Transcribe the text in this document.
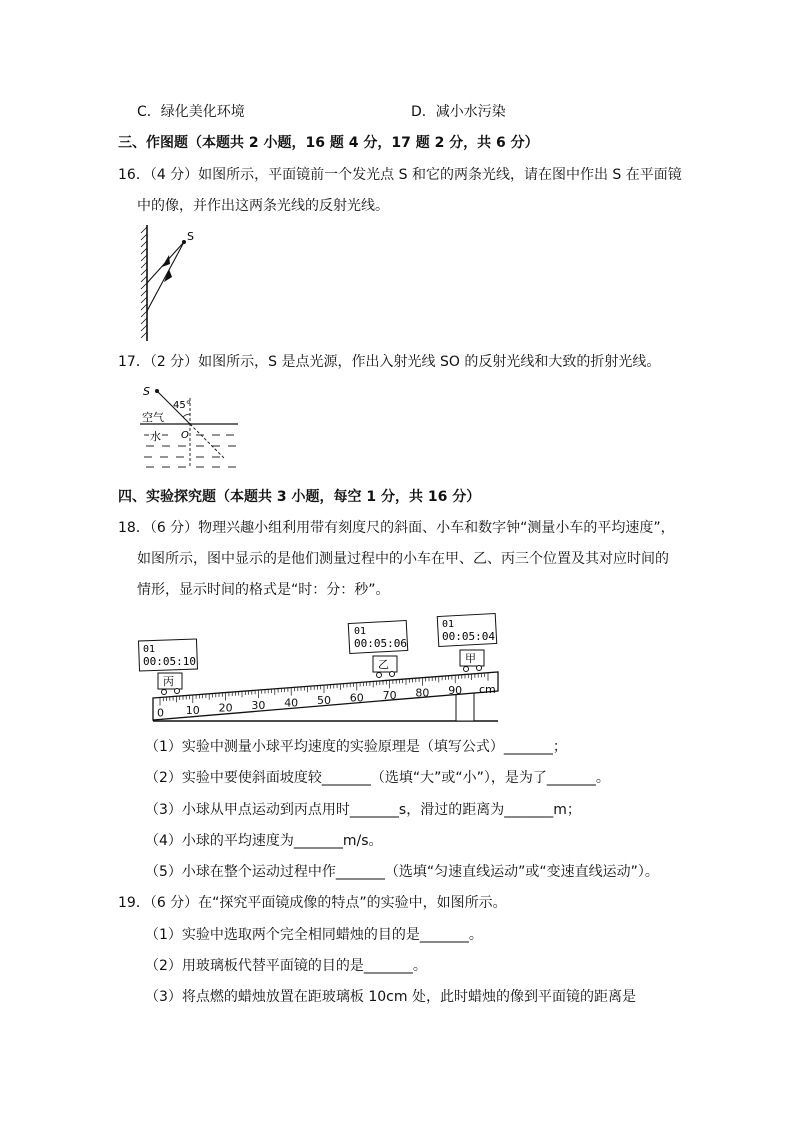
C．绿化美化环境	D．减小水污染
三、作图题（本题共 2 小题，16 题 4 分，17 题 2 分，共 6 分）
16．（4 分）如图所示，平面镜前一个发光点 S 和它的两条光线，请在图中作出 S 在平面镜
中的像，并作出这两条光线的反射光线。
S
17．（2 分）如图所示，S 是点光源，作出入射光线 SO 的反射光线和大致的折射光线。
S
45°
空气
水 O
四、实验探究题（本题共 3 小题，每空 1 分，共 16 分）
18．（6 分）物理兴趣小组利用带有刻度尺的斜面、小车和数字钟“测量小车的平均速度”，
如图所示，图中显示的是他们测量过程中的小车在甲、乙、丙三个位置及其对应时间的
情形，显示时间的格式是“时：分：秒”。
0 10 20 30 40 50 60 70 80 90 cm
01
00:05:10
丙
01
00:05:06
乙
01
00:05:04
甲
（1）实验中测量小球平均速度的实验原理是（填写公式）_______；
（2）实验中要使斜面坡度较_______（选填“大”或“小”），是为了_______。
（3）小球从甲点运动到丙点用时_______s，滑过的距离为_______m；
（4）小球的平均速度为_______m/s。
（5）小球在整个运动过程中作_______（选填“匀速直线运动”或“变速直线运动”）。
19．（6 分）在“探究平面镜成像的特点”的实验中，如图所示。
（1）实验中选取两个完全相同蜡烛的目的是_______。
（2）用玻璃板代替平面镜的目的是_______。
（3）将点燃的蜡烛放置在距玻璃板 10cm 处，此时蜡烛的像到平面镜的距离是
